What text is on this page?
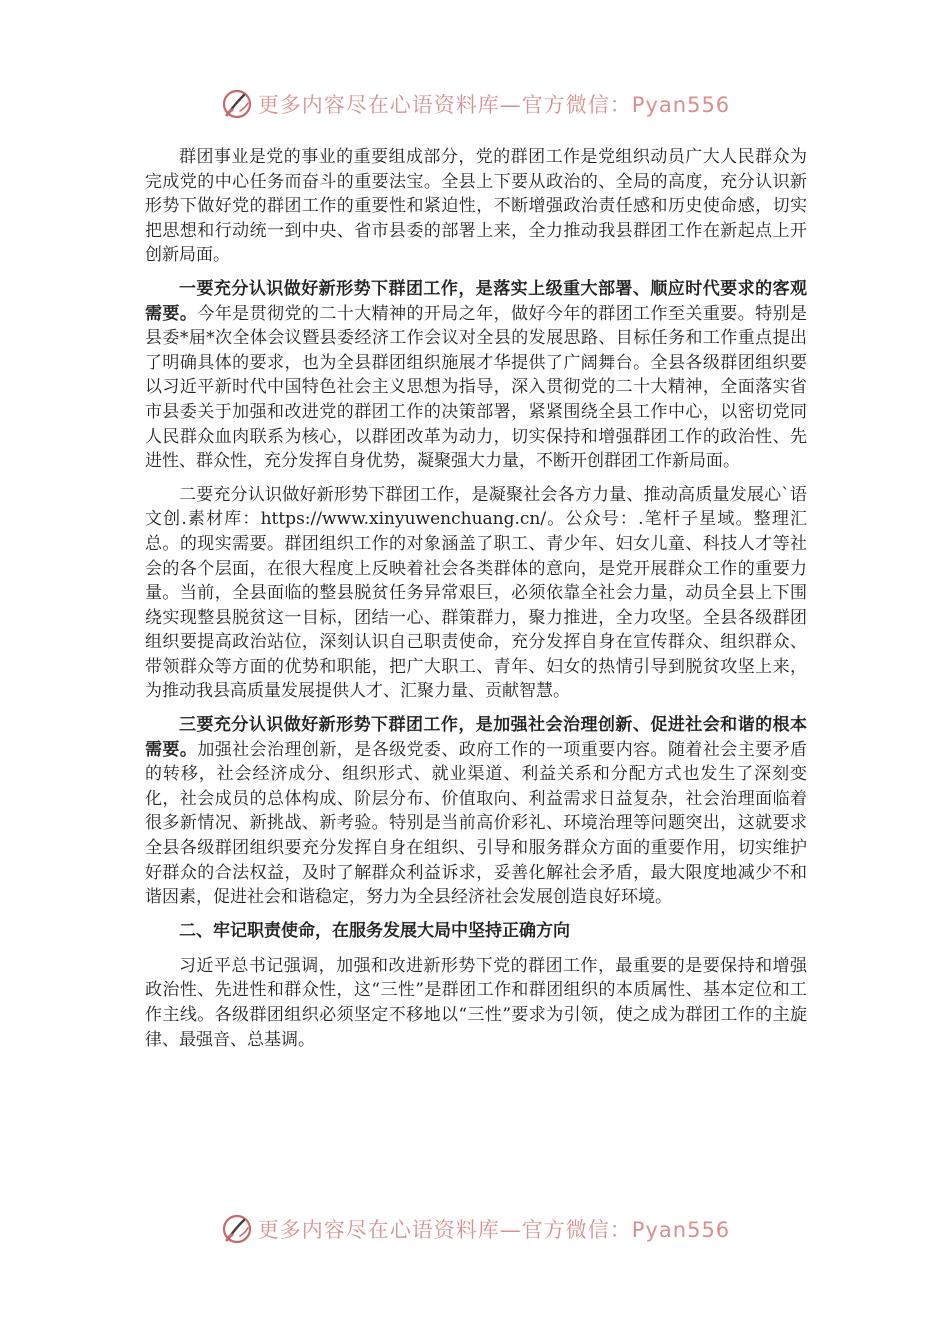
更多内容尽在心语资料库—官方微信：Pyan556

群团事业是党的事业的重要组成部分，党的群团工作是党组织动员广大人民群众为完成党的中心任务而奋斗的重要法宝。全县上下要从政治的、全局的高度，充分认识新形势下做好党的群团工作的重要性和紧迫性，不断增强政治责任感和历史使命感，切实把思想和行动统一到中央、省市县委的部署上来，全力推动我县群团工作在新起点上开创新局面。

一要充分认识做好新形势下群团工作，是落实上级重大部署、顺应时代要求的客观需要。今年是贯彻党的二十大精神的开局之年，做好今年的群团工作至关重要。特别是县委*届*次全体会议暨县委经济工作会议对全县的发展思路、目标任务和工作重点提出了明确具体的要求，也为全县群团组织施展才华提供了广阔舞台。全县各级群团组织要以习近平新时代中国特色社会主义思想为指导，深入贯彻党的二十大精神，全面落实省市县委关于加强和改进党的群团工作的决策部署，紧紧围绕全县工作中心，以密切党同人民群众血肉联系为核心，以群团改革为动力，切实保持和增强群团工作的政治性、先进性、群众性，充分发挥自身优势，凝聚强大力量，不断开创群团工作新局面。

二要充分认识做好新形势下群团工作，是凝聚社会各方力量、推动高质量发展心`语文创.素材库：https://www.xinyuwenchuang.cn/。公众号：.笔杆子星域。整理汇总。的现实需要。群团组织工作的对象涵盖了职工、青少年、妇女儿童、科技人才等社会的各个层面，在很大程度上反映着社会各类群体的意向，是党开展群众工作的重要力量。当前，全县面临的整县脱贫任务异常艰巨，必须依靠全社会力量，动员全县上下围绕实现整县脱贫这一目标，团结一心、群策群力，聚力推进，全力攻坚。全县各级群团组织要提高政治站位，深刻认识自己职责使命，充分发挥自身在宣传群众、组织群众、带领群众等方面的优势和职能，把广大职工、青年、妇女的热情引导到脱贫攻坚上来，为推动我县高质量发展提供人才、汇聚力量、贡献智慧。

三要充分认识做好新形势下群团工作，是加强社会治理创新、促进社会和谐的根本需要。加强社会治理创新，是各级党委、政府工作的一项重要内容。随着社会主要矛盾的转移，社会经济成分、组织形式、就业渠道、利益关系和分配方式也发生了深刻变化，社会成员的总体构成、阶层分布、价值取向、利益需求日益复杂，社会治理面临着很多新情况、新挑战、新考验。特别是当前高价彩礼、环境治理等问题突出，这就要求全县各级群团组织要充分发挥自身在组织、引导和服务群众方面的重要作用，切实维护好群众的合法权益，及时了解群众利益诉求，妥善化解社会矛盾，最大限度地减少不和谐因素，促进社会和谐稳定，努力为全县经济社会发展创造良好环境。

二、牢记职责使命，在服务发展大局中坚持正确方向

习近平总书记强调，加强和改进新形势下党的群团工作，最重要的是要保持和增强政治性、先进性和群众性，这“三性”是群团工作和群团组织的本质属性、基本定位和工作主线。各级群团组织必须坚定不移地以“三性”要求为引领，使之成为群团工作的主旋律、最强音、总基调。

更多内容尽在心语资料库—官方微信：Pyan556
